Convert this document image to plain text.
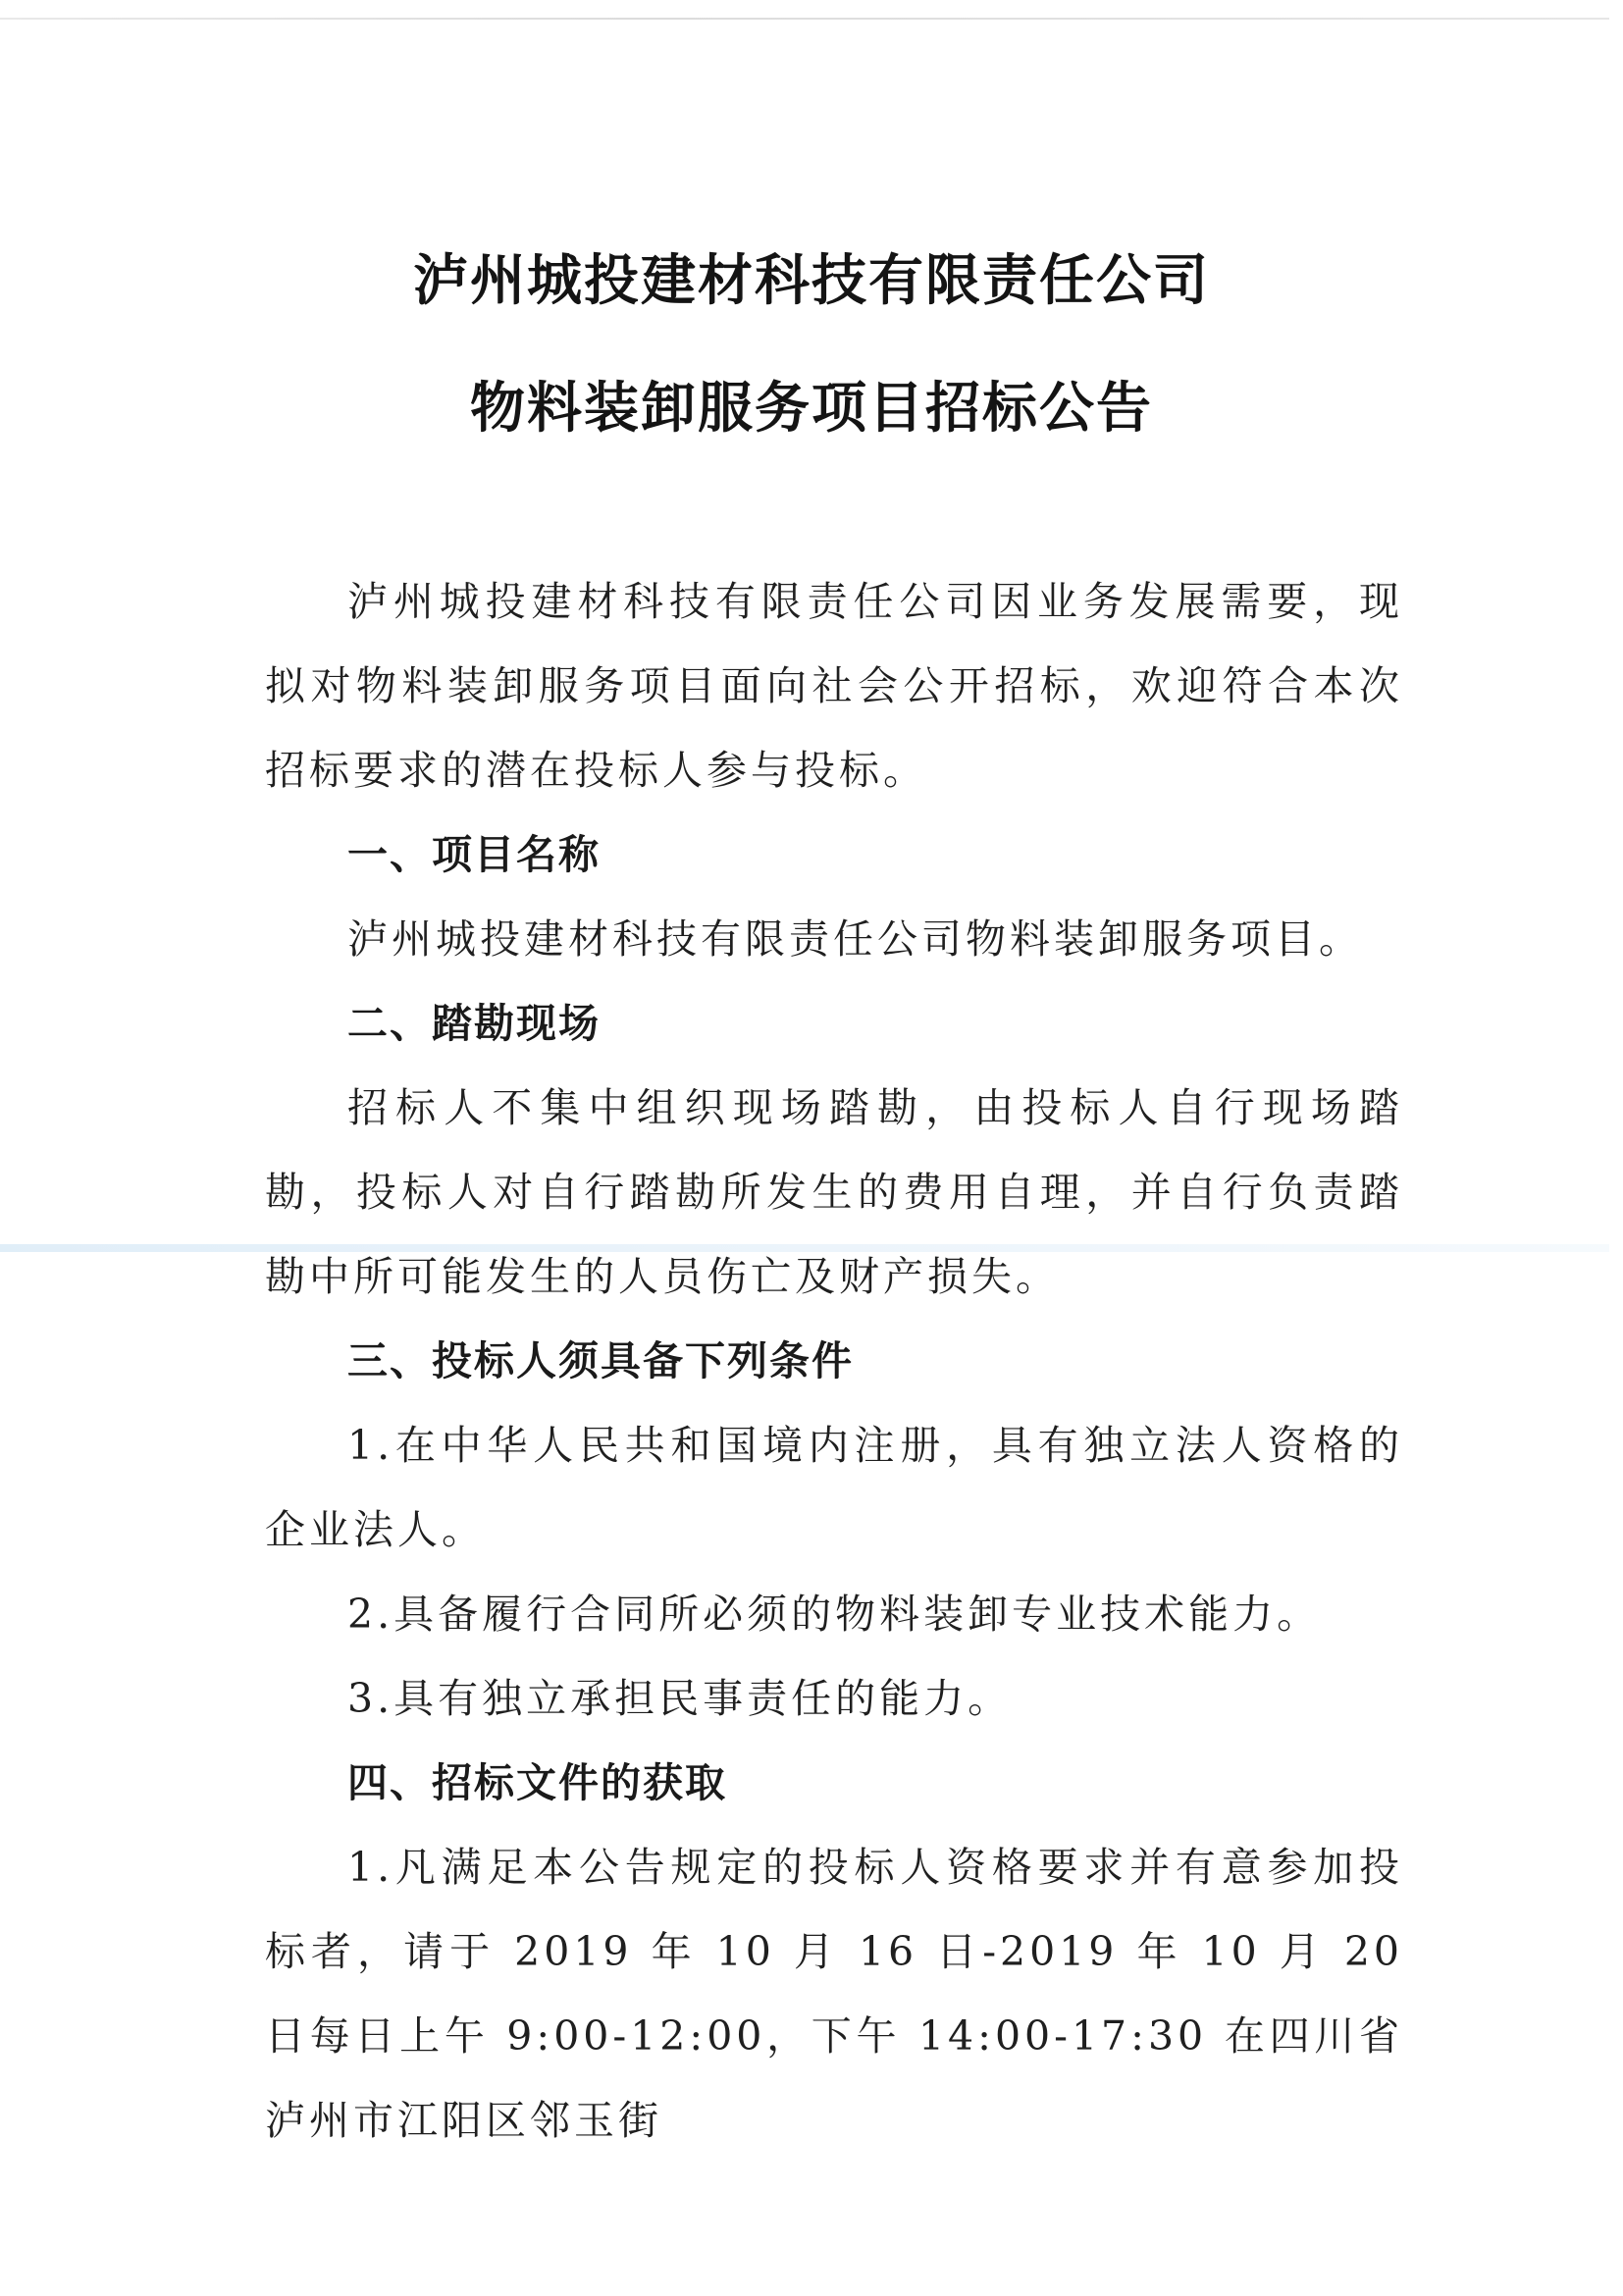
泸州城投建材科技有限责任公司
物料装卸服务项目招标公告

泸州城投建材科技有限责任公司因业务发展需要，现拟对物料装卸服务项目面向社会公开招标，欢迎符合本次招标要求的潜在投标人参与投标。

一、项目名称

泸州城投建材科技有限责任公司物料装卸服务项目。

二、踏勘现场

招标人不集中组织现场踏勘，由投标人自行现场踏勘，投标人对自行踏勘所发生的费用自理，并自行负责踏勘中所可能发生的人员伤亡及财产损失。

三、投标人须具备下列条件

1.在中华人民共和国境内注册，具有独立法人资格的企业法人。

2.具备履行合同所必须的物料装卸专业技术能力。

3.具有独立承担民事责任的能力。

四、招标文件的获取

1.凡满足本公告规定的投标人资格要求并有意参加投标者，请于 2019 年 10 月 16 日-2019 年 10 月 20 日每日上午 9:00-12:00，下午 14:00-17:30 在四川省泸州市江阳区邻玉街
